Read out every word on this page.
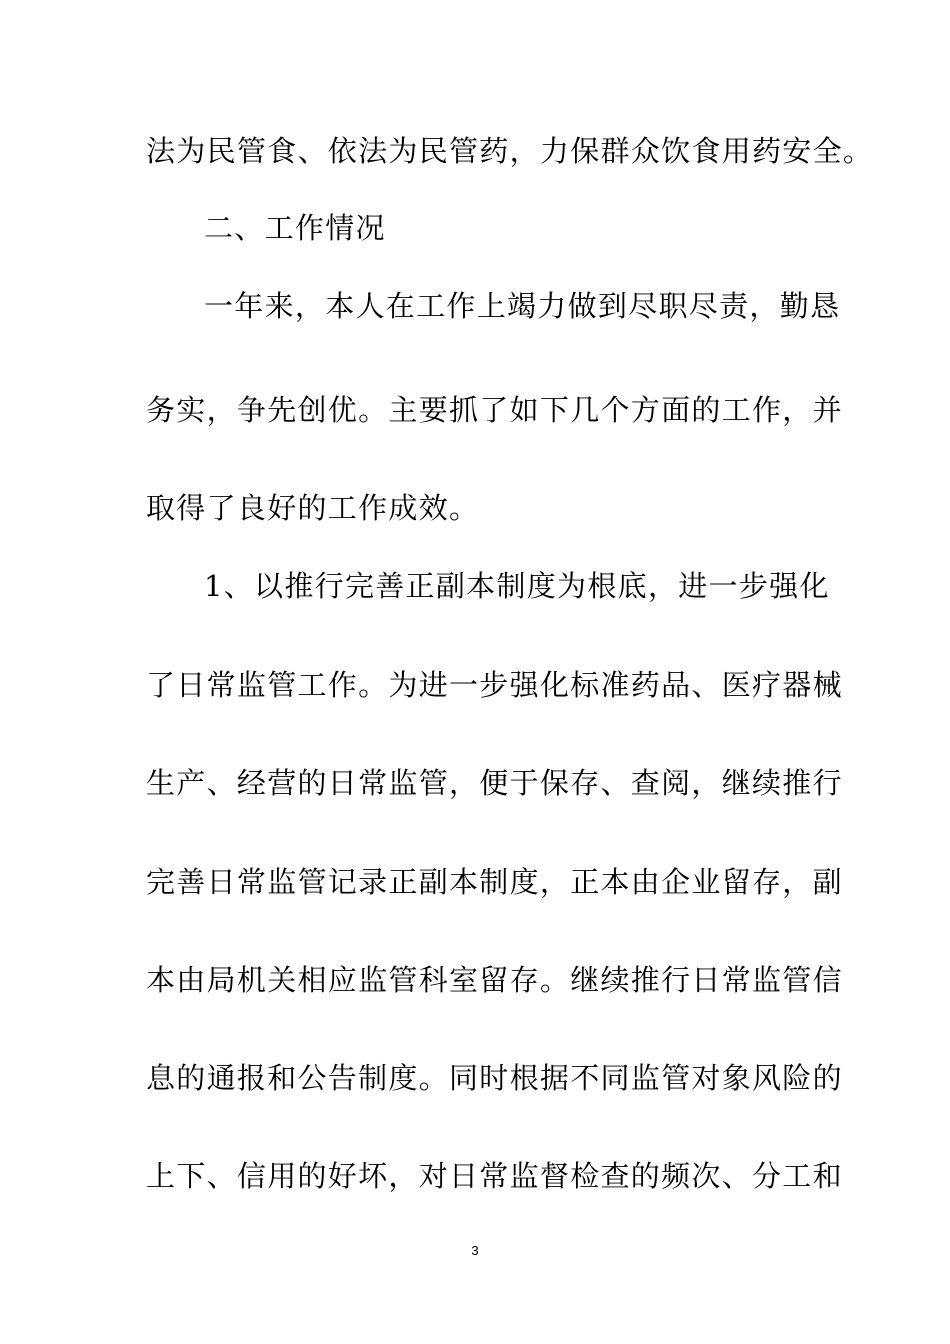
法为民管食、依法为民管药，力保群众饮食用药安全。
二、工作情况
一年来，本人在工作上竭力做到尽职尽责，勤恳
务实，争先创优。主要抓了如下几个方面的工作，并
取得了良好的工作成效。
1、以推行完善正副本制度为根底，进一步强化
了日常监管工作。为进一步强化标准药品、医疗器械
生产、经营的日常监管，便于保存、查阅，继续推行
完善日常监管记录正副本制度，正本由企业留存，副
本由局机关相应监管科室留存。继续推行日常监管信
息的通报和公告制度。同时根据不同监管对象风险的
上下、信用的好坏，对日常监督检查的频次、分工和
3
